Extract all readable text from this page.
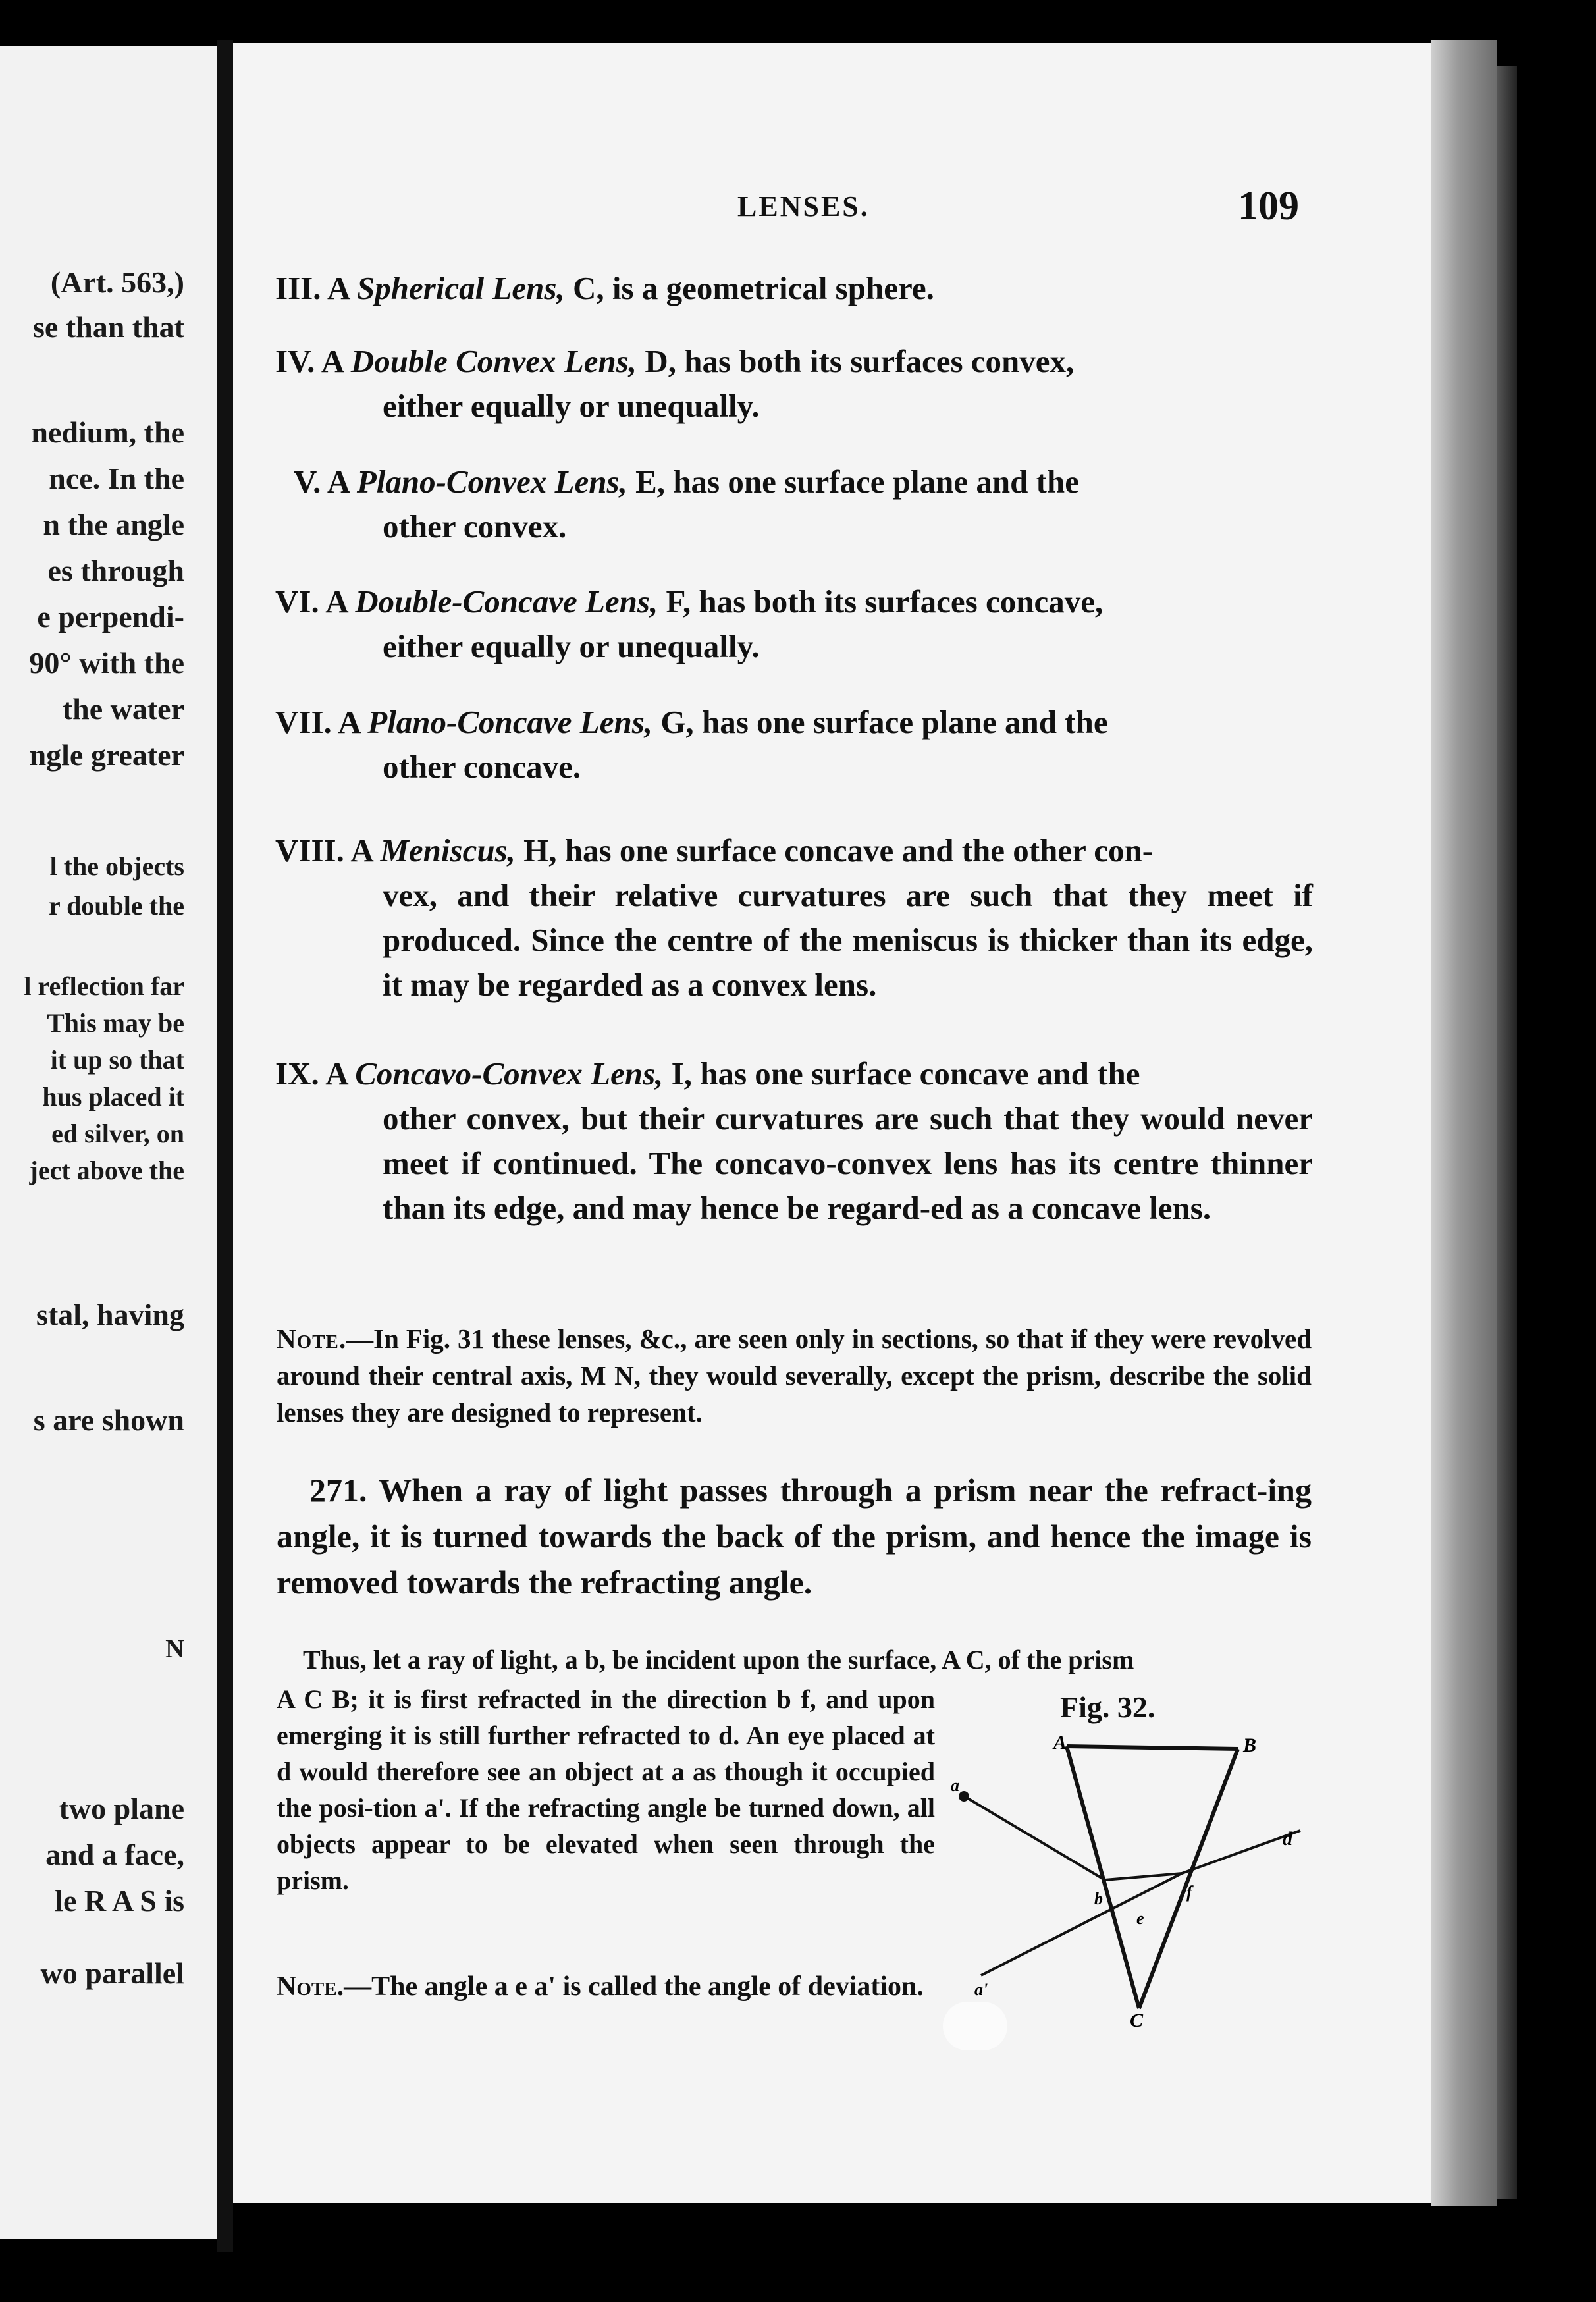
(Art. 563,)
se than that
nedium, the
nce. In the
n the angle
es through
e perpendi-
90° with the
the water
ngle greater
l the objects
r double the
l reflection far
This may be
it up so that
hus placed it
ed silver, on
ject above the
stal, having
s are shown
N
two plane
and a face,
le R A S is
wo parallel
LENSES.	109
III. A Spherical Lens, C, is a geometrical sphere.
IV. A Double Convex Lens, D, has both its surfaces convex,
either equally or unequally.
V. A Plano-Convex Lens, E, has one surface plane and the
other convex.
VI. A Double-Concave Lens, F, has both its surfaces concave,
either equally or unequally.
VII. A Plano-Concave Lens, G, has one surface plane and the
other concave.
VIII. A Meniscus, H, has one surface concave and the other con-
vex, and their relative curvatures are such that they meet if produced. Since the centre of the meniscus is thicker than its edge, it may be regarded as a convex lens.
IX. A Concavo-Convex Lens, I, has one surface concave and the
other convex, but their curvatures are such that they would never meet if continued. The concavo-convex lens has its centre thinner than its edge, and may hence be regard-ed as a concave lens.
Note.—In Fig. 31 these lenses, &c., are seen only in sections, so that if they were revolved around their central axis, M N, they would severally, except the prism, describe the solid lenses they are designed to represent.
271. When a ray of light passes through a prism near the refract-ing angle, it is turned towards the back of the prism, and hence the image is removed towards the refracting angle.
Thus, let a ray of light, a b, be incident upon the surface, A C, of the prism
A C B; it is first refracted in the direction b f, and upon emerging it is still further refracted to d. An eye placed at d would therefore see an object at a as though it occupied the posi-tion a'. If the refracting angle be turned down, all objects appear to be elevated when seen through the prism.
Fig. 32.
A	B
C
a
a'
b
e
f
d
Note.—The angle a e a' is called the angle of deviation.
